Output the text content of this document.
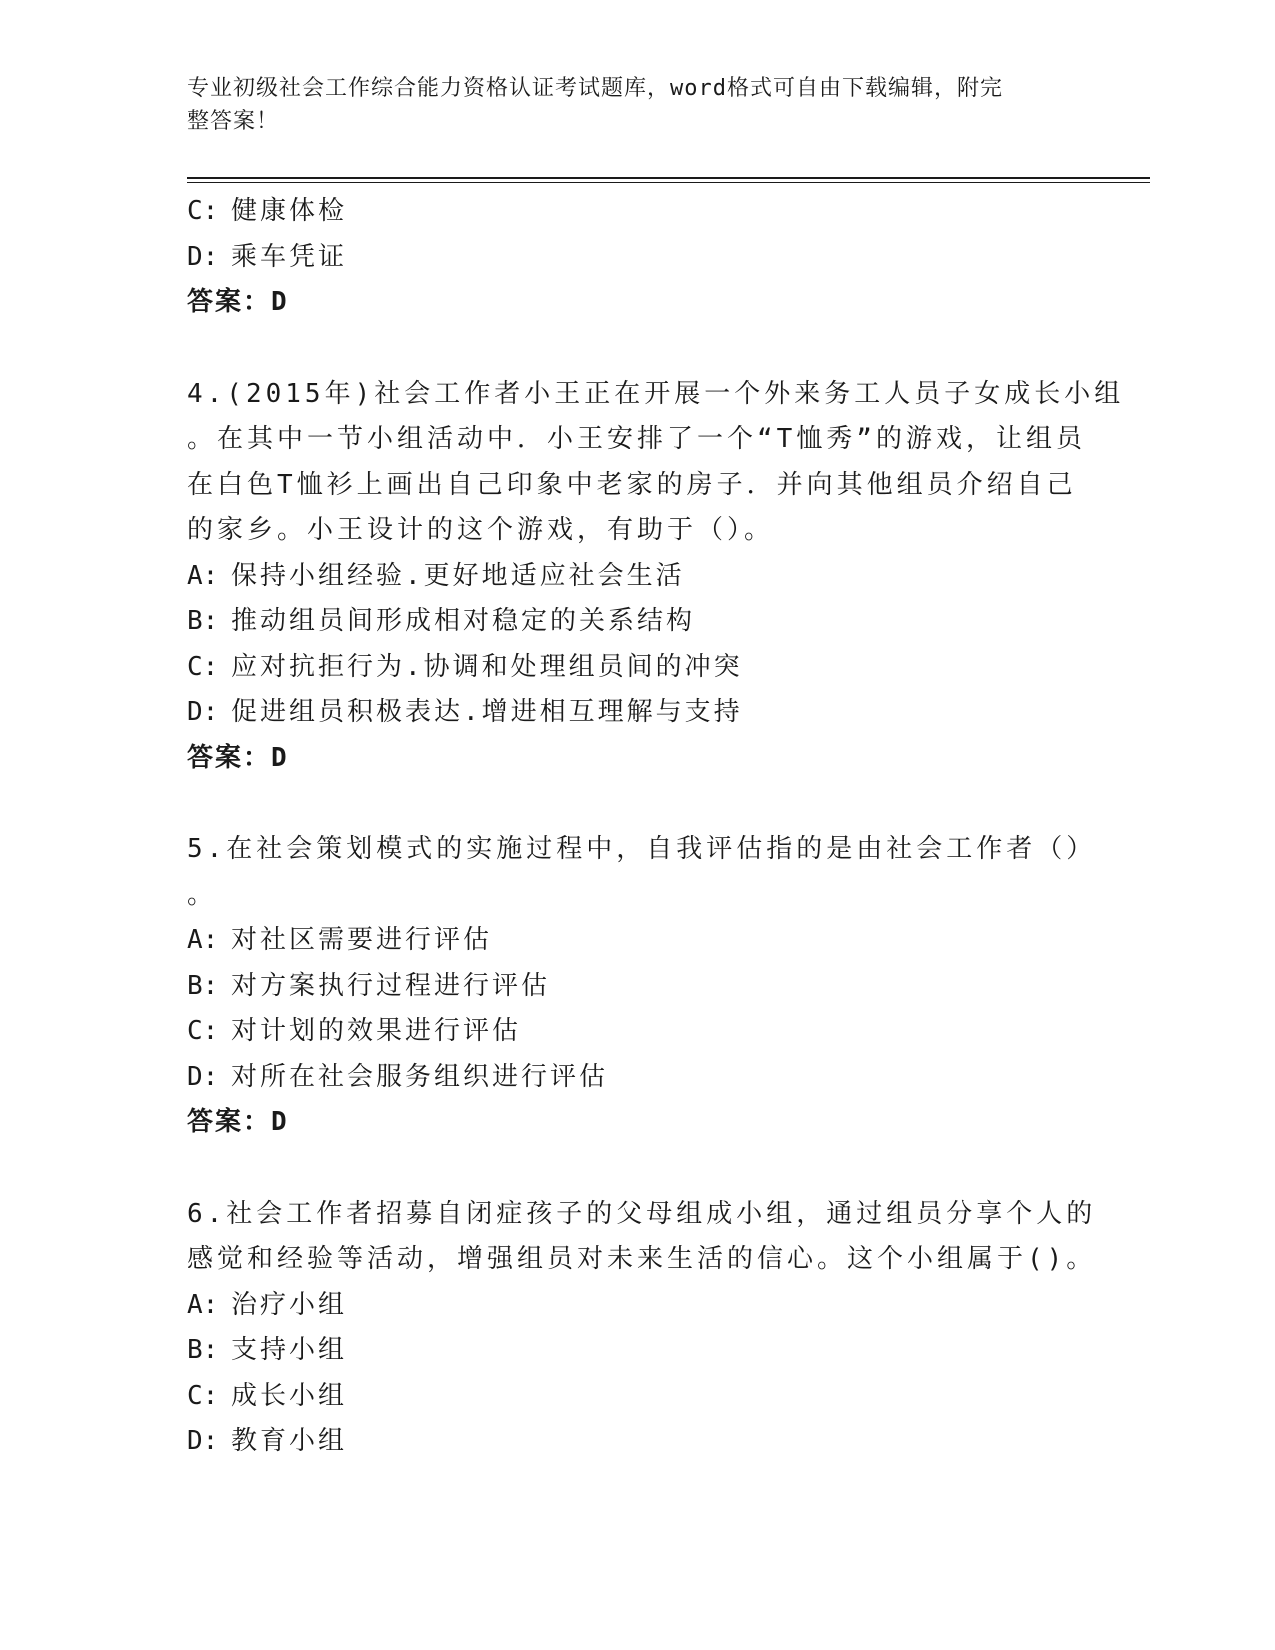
专业初级社会工作综合能力资格认证考试题库，word格式可自由下载编辑，附完
整答案！
C: 健康体检
D: 乘车凭证
答案：D
4.(2015年)社会工作者小王正在开展一个外来务工人员子女成长小组
。在其中一节小组活动中．小王安排了一个“T恤秀”的游戏，让组员
在白色T恤衫上画出自己印象中老家的房子．并向其他组员介绍自己
的家乡。小王设计的这个游戏，有助于（）。
A: 保持小组经验.更好地适应社会生活
B: 推动组员间形成相对稳定的关系结构
C: 应对抗拒行为.协调和处理组员间的冲突
D: 促进组员积极表达.增进相互理解与支持
答案：D
5.在社会策划模式的实施过程中，自我评估指的是由社会工作者（）
。
A: 对社区需要进行评估
B: 对方案执行过程进行评估
C: 对计划的效果进行评估
D: 对所在社会服务组织进行评估
答案：D
6.社会工作者招募自闭症孩子的父母组成小组，通过组员分享个人的
感觉和经验等活动，增强组员对未来生活的信心。这个小组属于()。
A: 治疗小组
B: 支持小组
C: 成长小组
D: 教育小组
